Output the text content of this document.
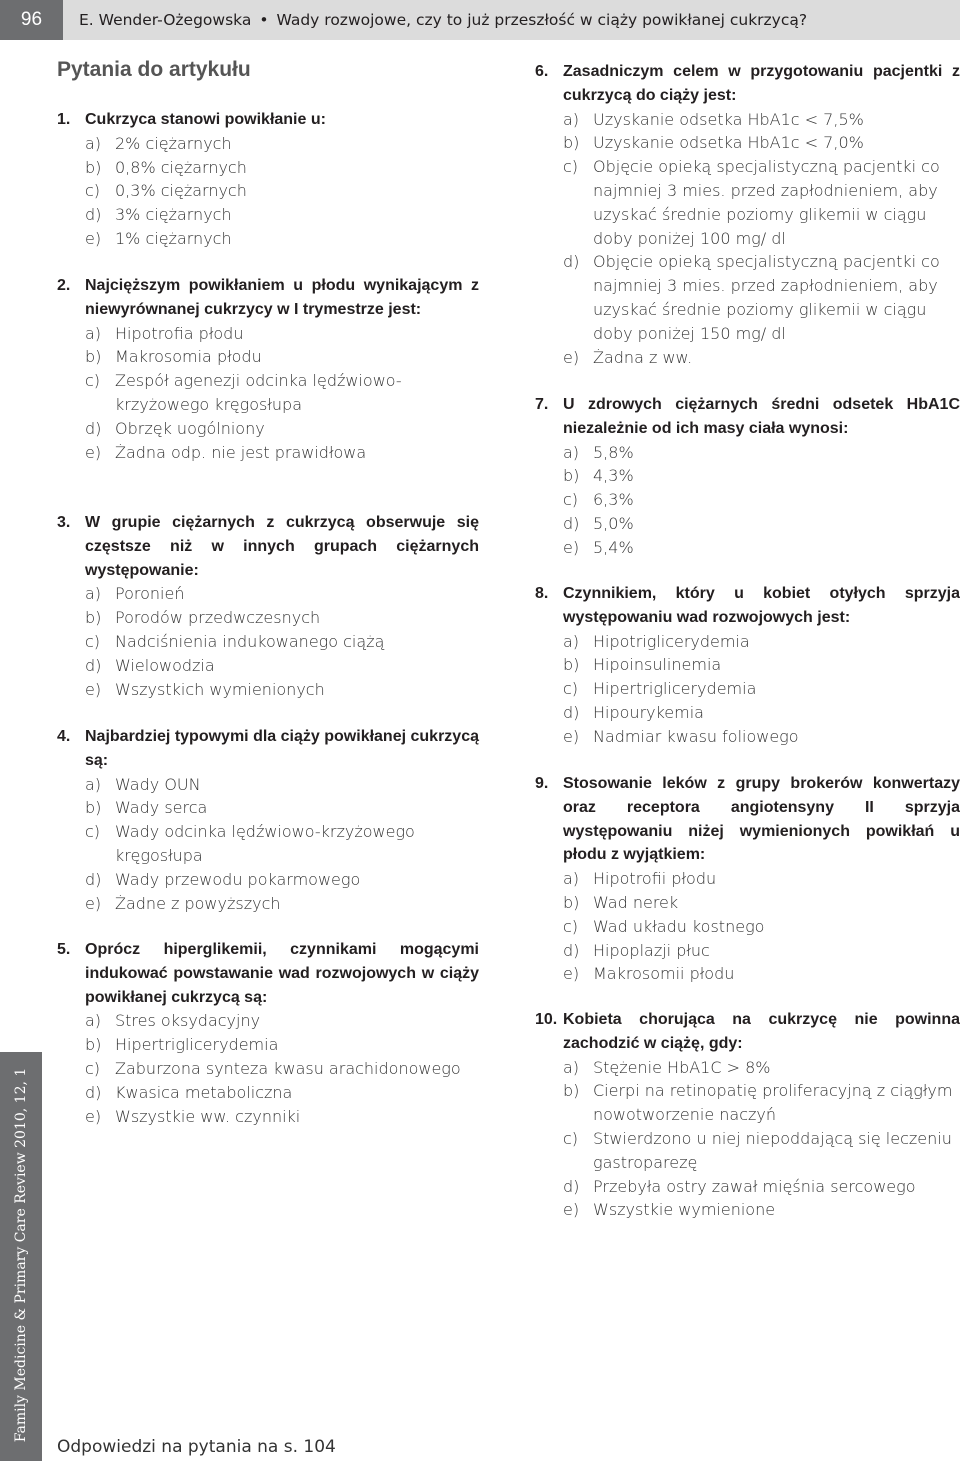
96	E. Wender-Ożegowska • Wady rozwojowe, czy to już przeszłość w ciąży powikłanej cukrzycą?
Family Medicine & Primary Care Review 2010, 12, 1
Pytania do artykułu
1. Cukrzyca stanowi powikłanie u:
a) 2% ciężarnych
b) 0,8% ciężarnych
c) 0,3% ciężarnych
d) 3% ciężarnych
e) 1% ciężarnych
2. Najcięższym powikłaniem u płodu wynikającym z niewyrównanej cukrzycy w I trymestrze jest:
a) Hipotrofia płodu
b) Makrosomia płodu
c) Zespół agenezji odcinka lędźwiowo-krzyżowego kręgosłupa
d) Obrzęk uogólniony
e) Żadna odp. nie jest prawidłowa
3. W grupie ciężarnych z cukrzycą obserwuje się częstsze niż w innych grupach ciężarnych występowanie:
a) Poronień
b) Porodów przedwczesnych
c) Nadciśnienia indukowanego ciążą
d) Wielowodzia
e) Wszystkich wymienionych
4. Najbardziej typowymi dla ciąży powikłanej cukrzycą są:
a) Wady OUN
b) Wady serca
c) Wady odcinka lędźwiowo-krzyżowego kręgosłupa
d) Wady przewodu pokarmowego
e) Żadne z powyższych
5. Oprócz hiperglikemii, czynnikami mogącymi indukować powstawanie wad rozwojowych w ciąży powikłanej cukrzycą są:
a) Stres oksydacyjny
b) Hipertriglicerydemia
c) Zaburzona synteza kwasu arachidonowego
d) Kwasica metaboliczna
e) Wszystkie ww. czynniki
6. Zasadniczym celem w przygotowaniu pacjentki z cukrzycą do ciąży jest:
a) Uzyskanie odsetka HbA1c < 7,5%
b) Uzyskanie odsetka HbA1c < 7,0%
c) Objęcie opieką specjalistyczną pacjentki co najmniej 3 mies. przed zapłodnieniem, aby uzyskać średnie poziomy glikemii w ciągu doby poniżej 100 mg/ dl
d) Objęcie opieką specjalistyczną pacjentki co najmniej 3 mies. przed zapłodnieniem, aby uzyskać średnie poziomy glikemii w ciągu doby poniżej 150 mg/ dl
e) Żadna z ww.
7. U zdrowych ciężarnych średni odsetek HbA1C niezależnie od ich masy ciała wynosi:
a) 5,8%
b) 4,3%
c) 6,3%
d) 5,0%
e) 5,4%
8. Czynnikiem, który u kobiet otyłych sprzyja występowaniu wad rozwojowych jest:
a) Hipotriglicerydemia
b) Hipoinsulinemia
c) Hipertriglicerydemia
d) Hipourykemia
e) Nadmiar kwasu foliowego
9. Stosowanie leków z grupy brokerów konwertazy oraz receptora angiotensyny II sprzyja występowaniu niżej wymienionych powikłań u płodu z wyjątkiem:
a) Hipotrofii płodu
b) Wad nerek
c) Wad układu kostnego
d) Hipoplazji płuc
e) Makrosomii płodu
10. Kobieta chorująca na cukrzycę nie powinna zachodzić w ciążę, gdy:
a) Stężenie HbA1C > 8%
b) Cierpi na retinopatię proliferacyjną z ciągłym nowotworzenie naczyń
c) Stwierdzono u niej niepoddającą się leczeniu gastroparezę
d) Przebyła ostry zawał mięśnia sercowego
e) Wszystkie wymienione
Odpowiedzi na pytania na s. 104
